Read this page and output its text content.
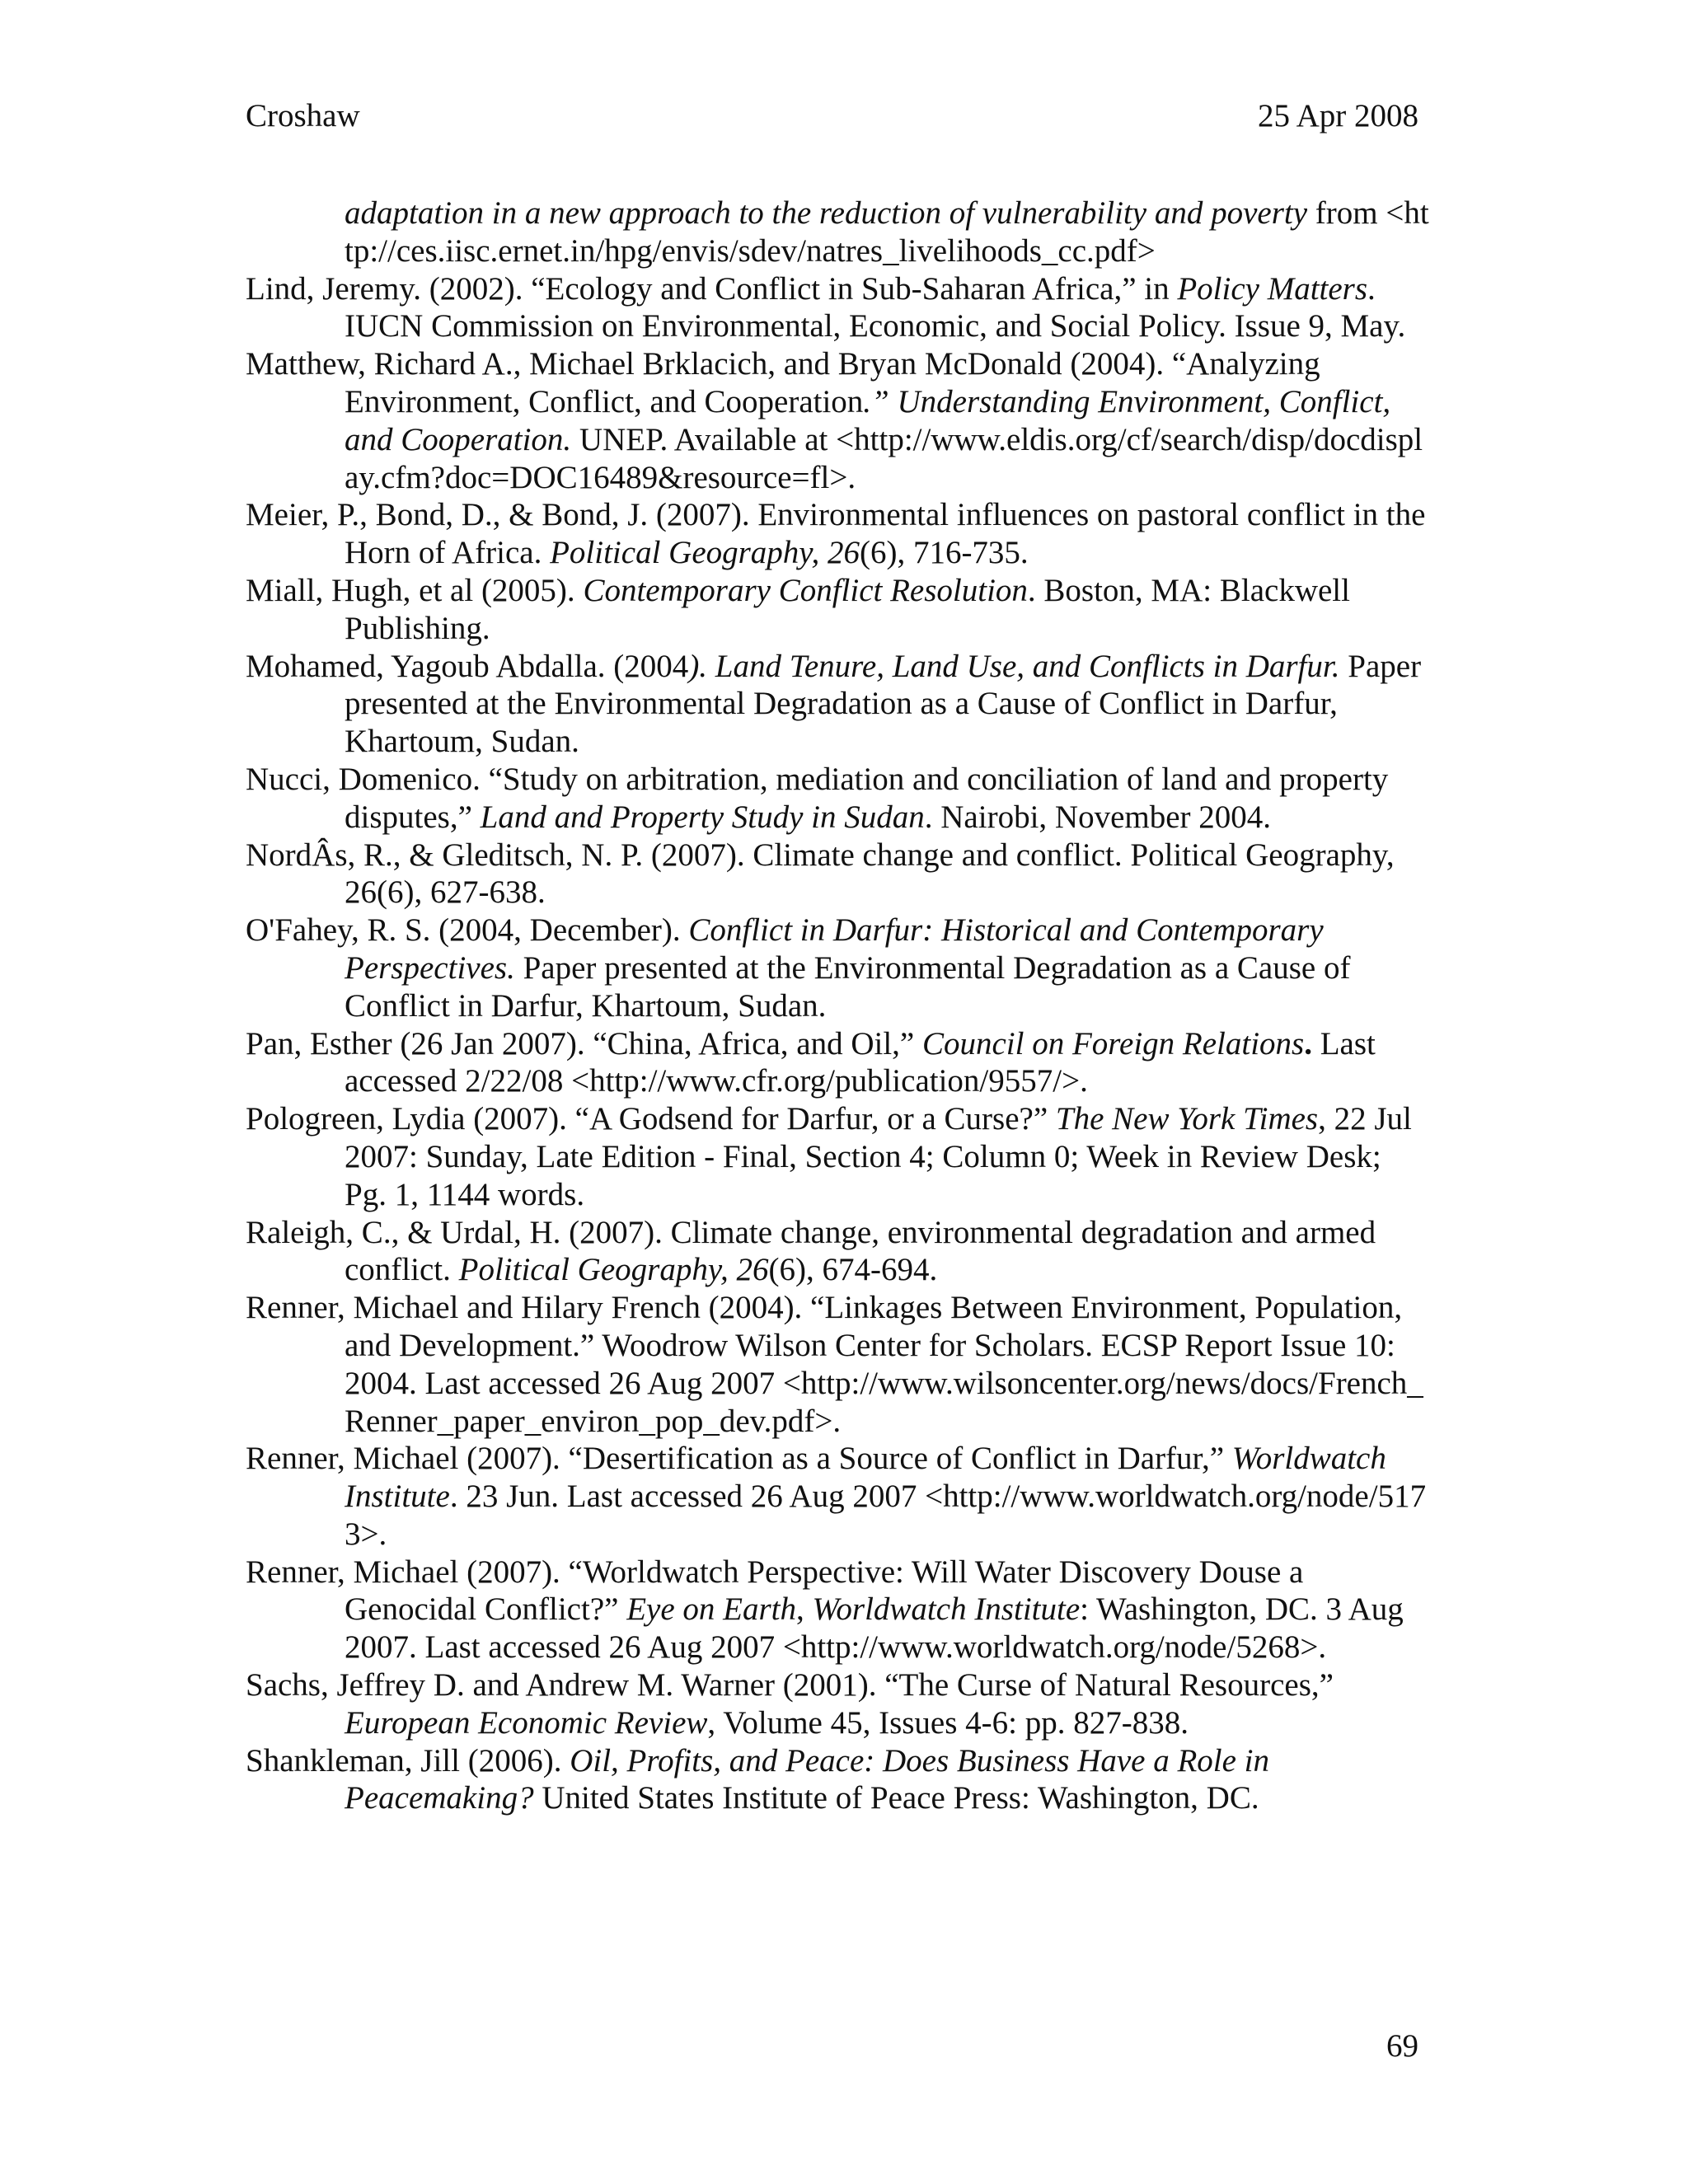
Croshaw	25 Apr 2008

adaptation in a new approach to the reduction of vulnerability and poverty from <http://ces.iisc.ernet.in/hpg/envis/sdev/natres_livelihoods_cc.pdf>
Lind, Jeremy. (2002). “Ecology and Conflict in Sub-Saharan Africa,” in Policy Matters. IUCN Commission on Environmental, Economic, and Social Policy. Issue 9, May.
Matthew, Richard A., Michael Brklacich, and Bryan McDonald (2004). “Analyzing Environment, Conflict, and Cooperation.” Understanding Environment, Conflict, and Cooperation. UNEP. Available at <http://www.eldis.org/cf/search/disp/docdisplay.cfm?doc=DOC16489&resource=fl>.
Meier, P., Bond, D., & Bond, J. (2007). Environmental influences on pastoral conflict in the Horn of Africa. Political Geography, 26(6), 716-735.
Miall, Hugh, et al (2005). Contemporary Conflict Resolution. Boston, MA: Blackwell Publishing.
Mohamed, Yagoub Abdalla. (2004). Land Tenure, Land Use, and Conflicts in Darfur. Paper presented at the Environmental Degradation as a Cause of Conflict in Darfur, Khartoum, Sudan.
Nucci, Domenico. “Study on arbitration, mediation and conciliation of land and property disputes,” Land and Property Study in Sudan. Nairobi, November 2004.
NordÂs, R., & Gleditsch, N. P. (2007). Climate change and conflict. Political Geography, 26(6), 627-638.
O'Fahey, R. S. (2004, December). Conflict in Darfur: Historical and Contemporary Perspectives. Paper presented at the Environmental Degradation as a Cause of Conflict in Darfur, Khartoum, Sudan.
Pan, Esther (26 Jan 2007). “China, Africa, and Oil,” Council on Foreign Relations. Last accessed 2/22/08 <http://www.cfr.org/publication/9557/>.
Pologreen, Lydia (2007). “A Godsend for Darfur, or a Curse?” The New York Times, 22 Jul 2007: Sunday, Late Edition - Final, Section 4; Column 0; Week in Review Desk; Pg. 1, 1144 words.
Raleigh, C., & Urdal, H. (2007). Climate change, environmental degradation and armed conflict. Political Geography, 26(6), 674-694.
Renner, Michael and Hilary French (2004). “Linkages Between Environment, Population, and Development.” Woodrow Wilson Center for Scholars. ECSP Report Issue 10: 2004. Last accessed 26 Aug 2007 <http://www.wilsoncenter.org/news/docs/French_Renner_paper_environ_pop_dev.pdf>.
Renner, Michael (2007). “Desertification as a Source of Conflict in Darfur,” Worldwatch Institute. 23 Jun. Last accessed 26 Aug 2007 <http://www.worldwatch.org/node/5173>.
Renner, Michael (2007). “Worldwatch Perspective: Will Water Discovery Douse a Genocidal Conflict?” Eye on Earth, Worldwatch Institute: Washington, DC. 3 Aug 2007. Last accessed 26 Aug 2007 <http://www.worldwatch.org/node/5268>.
Sachs, Jeffrey D. and Andrew M. Warner (2001). “The Curse of Natural Resources,” European Economic Review, Volume 45, Issues 4-6: pp. 827-838.
Shankleman, Jill (2006). Oil, Profits, and Peace: Does Business Have a Role in Peacemaking? United States Institute of Peace Press: Washington, DC.

69
